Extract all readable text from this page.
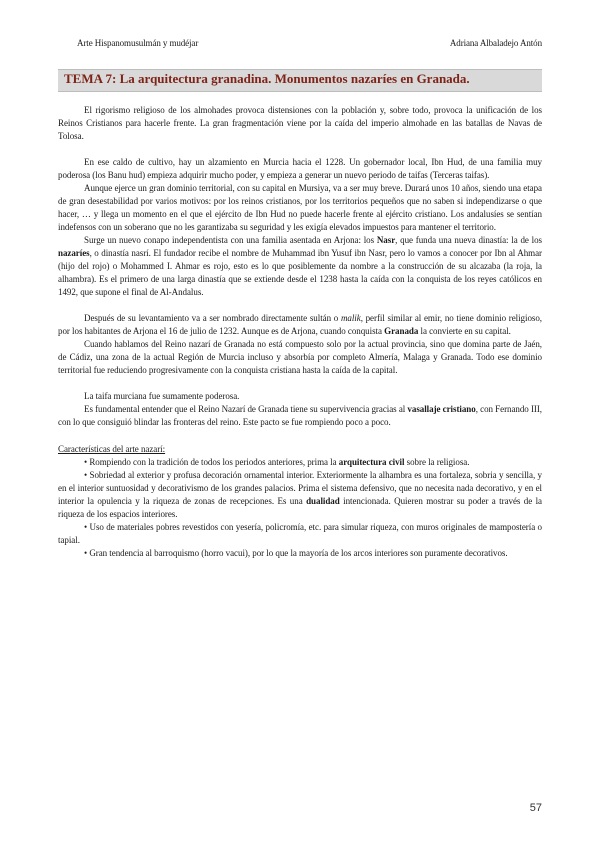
Arte Hispanomusulmán y mudéjar	Adriana Albaladejo Antón
TEMA 7: La arquitectura granadina. Monumentos nazaríes en Granada.

El rigorismo religioso de los almohades provoca distensiones con la población y, sobre todo, provoca la unificación de los Reinos Cristianos para hacerle frente. La gran fragmentación viene por la caída del imperio almohade en las batallas de Navas de Tolosa.

En ese caldo de cultivo, hay un alzamiento en Murcia hacia el 1228. Un gobernador local, Ibn Hud, de una familia muy poderosa (los Banu hud) empieza adquirir mucho poder, y empieza a generar un nuevo periodo de taifas (Terceras taifas).

Aunque ejerce un gran dominio territorial, con su capital en Mursiya, va a ser muy breve. Durará unos 10 años, siendo una etapa de gran desestabilidad por varios motivos: por los reinos cristianos, por los territorios pequeños que no saben si independizarse o que hacer, … y llega un momento en el que el ejército de Ibn Hud no puede hacerle frente al ejército cristiano. Los andalusíes se sentían indefensos con un soberano que no les garantizaba su seguridad y les exigía elevados impuestos para mantener el territorio.

Surge un nuevo conapo independentista con una familia asentada en Arjona: los Nasr, que funda una nueva dinastía: la de los nazaríes, o dinastía nasrí. El fundador recibe el nombre de Muhammad ibn Yusuf ibn Nasr, pero lo vamos a conocer por Ibn al Ahmar (hijo del rojo) o Mohammed I. Ahmar es rojo, esto es lo que posiblemente da nombre a la construcción de su alcazaba (la roja, la alhambra). Es el primero de una larga dinastía que se extiende desde el 1238 hasta la caída con la conquista de los reyes católicos en 1492, que supone el final de Al-Andalus.

Después de su levantamiento va a ser nombrado directamente sultán o malik, perfil similar al emir, no tiene dominio religioso, por los habitantes de Arjona el 16 de julio de 1232. Aunque es de Arjona, cuando conquista Granada la convierte en su capital.

Cuando hablamos del Reino nazarí de Granada no está compuesto solo por la actual provincia, sino que domina parte de Jaén, de Cádiz, una zona de la actual Región de Murcia incluso y absorbía por completo Almería, Malaga y Granada. Todo ese dominio territorial fue reduciendo progresivamente con la conquista cristiana hasta la caída de la capital.

La taifa murciana fue sumamente poderosa.

Es fundamental entender que el Reino Nazarí de Granada tiene su supervivencia gracias al vasallaje cristiano, con Fernando III, con lo que consiguió blindar las fronteras del reino. Este pacto se fue rompiendo poco a poco.

Características del arte nazarí:

• Rompiendo con la tradición de todos los periodos anteriores, prima la arquitectura civil sobre la religiosa.

• Sobriedad al exterior y profusa decoración ornamental interior. Exteriormente la alhambra es una fortaleza, sobria y sencilla, y en el interior suntuosidad y decorativismo de los grandes palacios. Prima el sistema defensivo, que no necesita nada decorativo, y en el interior la opulencia y la riqueza de zonas de recepciones. Es una dualidad intencionada. Quieren mostrar su poder a través de la riqueza de los espacios interiores.

• Uso de materiales pobres revestidos con yesería, policromía, etc. para simular riqueza, con muros originales de mampostería o tapial.

• Gran tendencia al barroquismo (horro vacui), por lo que la mayoría de los arcos interiores son puramente decorativos.

57
